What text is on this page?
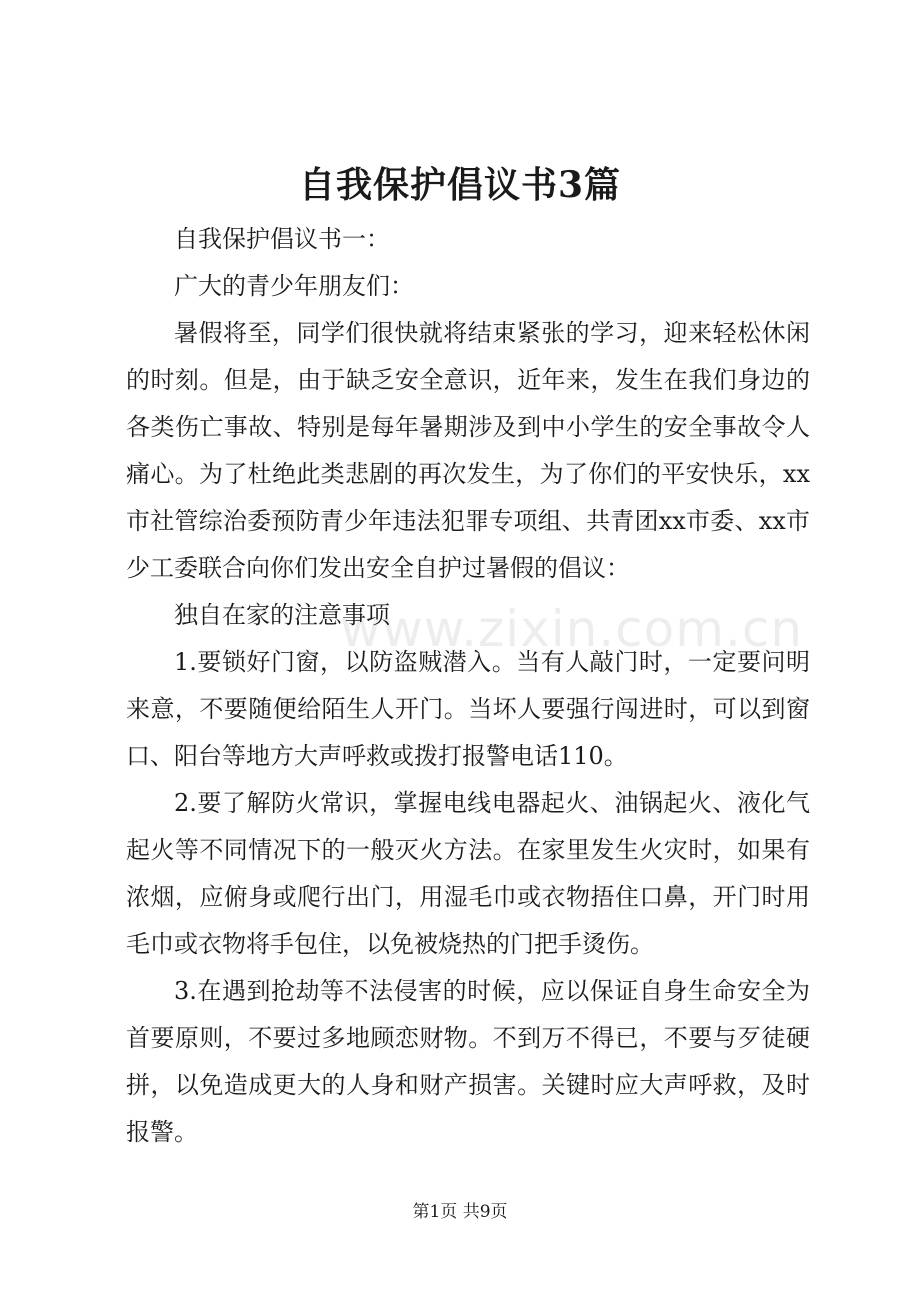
自我保护倡议书3篇

自我保护倡议书一：

广大的青少年朋友们：

暑假将至，同学们很快就将结束紧张的学习，迎来轻松休闲的时刻。但是，由于缺乏安全意识，近年来，发生在我们身边的各类伤亡事故、特别是每年暑期涉及到中小学生的安全事故令人痛心。为了杜绝此类悲剧的再次发生，为了你们的平安快乐，xx市社管综治委预防青少年违法犯罪专项组、共青团xx市委、xx市少工委联合向你们发出安全自护过暑假的倡议：

独自在家的注意事项

1.要锁好门窗，以防盗贼潜入。当有人敲门时，一定要问明来意，不要随便给陌生人开门。当坏人要强行闯进时，可以到窗口、阳台等地方大声呼救或拨打报警电话110。

2.要了解防火常识，掌握电线电器起火、油锅起火、液化气起火等不同情况下的一般灭火方法。在家里发生火灾时，如果有浓烟，应俯身或爬行出门，用湿毛巾或衣物捂住口鼻，开门时用毛巾或衣物将手包住，以免被烧热的门把手烫伤。

3.在遇到抢劫等不法侵害的时候，应以保证自身生命安全为首要原则，不要过多地顾恋财物。不到万不得已，不要与歹徒硬拼，以免造成更大的人身和财产损害。关键时应大声呼救，及时报警。

www.zixin.com.cn
第1页 共9页
